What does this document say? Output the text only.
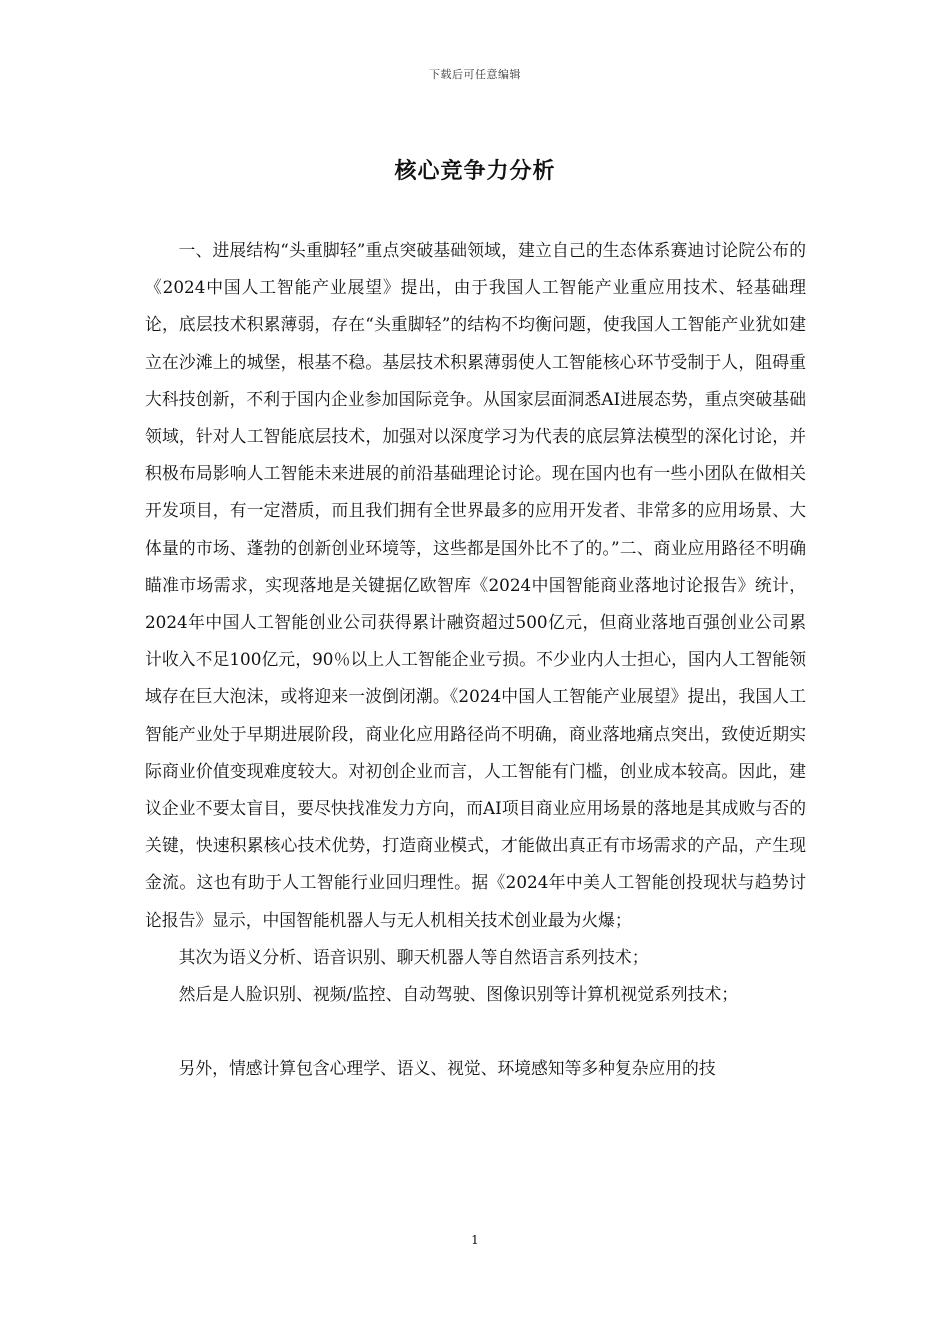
下载后可任意编辑
核心竞争力分析

一、进展结构“头重脚轻”重点突破基础领域，建立自己的生态体系赛迪讨论院公布的《2024中国人工智能产业展望》提出，由于我国人工智能产业重应用技术、轻基础理论，底层技术积累薄弱，存在“头重脚轻”的结构不均衡问题，使我国人工智能产业犹如建立在沙滩上的城堡，根基不稳。基层技术积累薄弱使人工智能核心环节受制于人，阻碍重大科技创新，不利于国内企业参加国际竞争。从国家层面洞悉AI进展态势，重点突破基础领域，针对人工智能底层技术，加强对以深度学习为代表的底层算法模型的深化讨论，并积极布局影响人工智能未来进展的前沿基础理论讨论。现在国内也有一些小团队在做相关开发项目，有一定潜质，而且我们拥有全世界最多的应用开发者、非常多的应用场景、大体量的市场、蓬勃的创新创业环境等，这些都是国外比不了的。”二、商业应用路径不明确瞄准市场需求，实现落地是关键据亿欧智库《2024中国智能商业落地讨论报告》统计，2024年中国人工智能创业公司获得累计融资超过500亿元，但商业落地百强创业公司累计收入不足100亿元，90％以上人工智能企业亏损。不少业内人士担心，国内人工智能领域存在巨大泡沫，或将迎来一波倒闭潮。《2024中国人工智能产业展望》提出，我国人工智能产业处于早期进展阶段，商业化应用路径尚不明确，商业落地痛点突出，致使近期实际商业价值变现难度较大。对初创企业而言，人工智能有门槛，创业成本较高。因此，建议企业不要太盲目，要尽快找准发力方向，而AI项目商业应用场景的落地是其成败与否的关键，快速积累核心技术优势，打造商业模式，才能做出真正有市场需求的产品，产生现金流。这也有助于人工智能行业回归理性。据《2024年中美人工智能创投现状与趋势讨论报告》显示，中国智能机器人与无人机相关技术创业最为火爆；

其次为语义分析、语音识别、聊天机器人等自然语言系列技术；

然后是人脸识别、视频/监控、自动驾驶、图像识别等计算机视觉系列技术；

另外，情感计算包含心理学、语义、视觉、环境感知等多种复杂应用的技

1
